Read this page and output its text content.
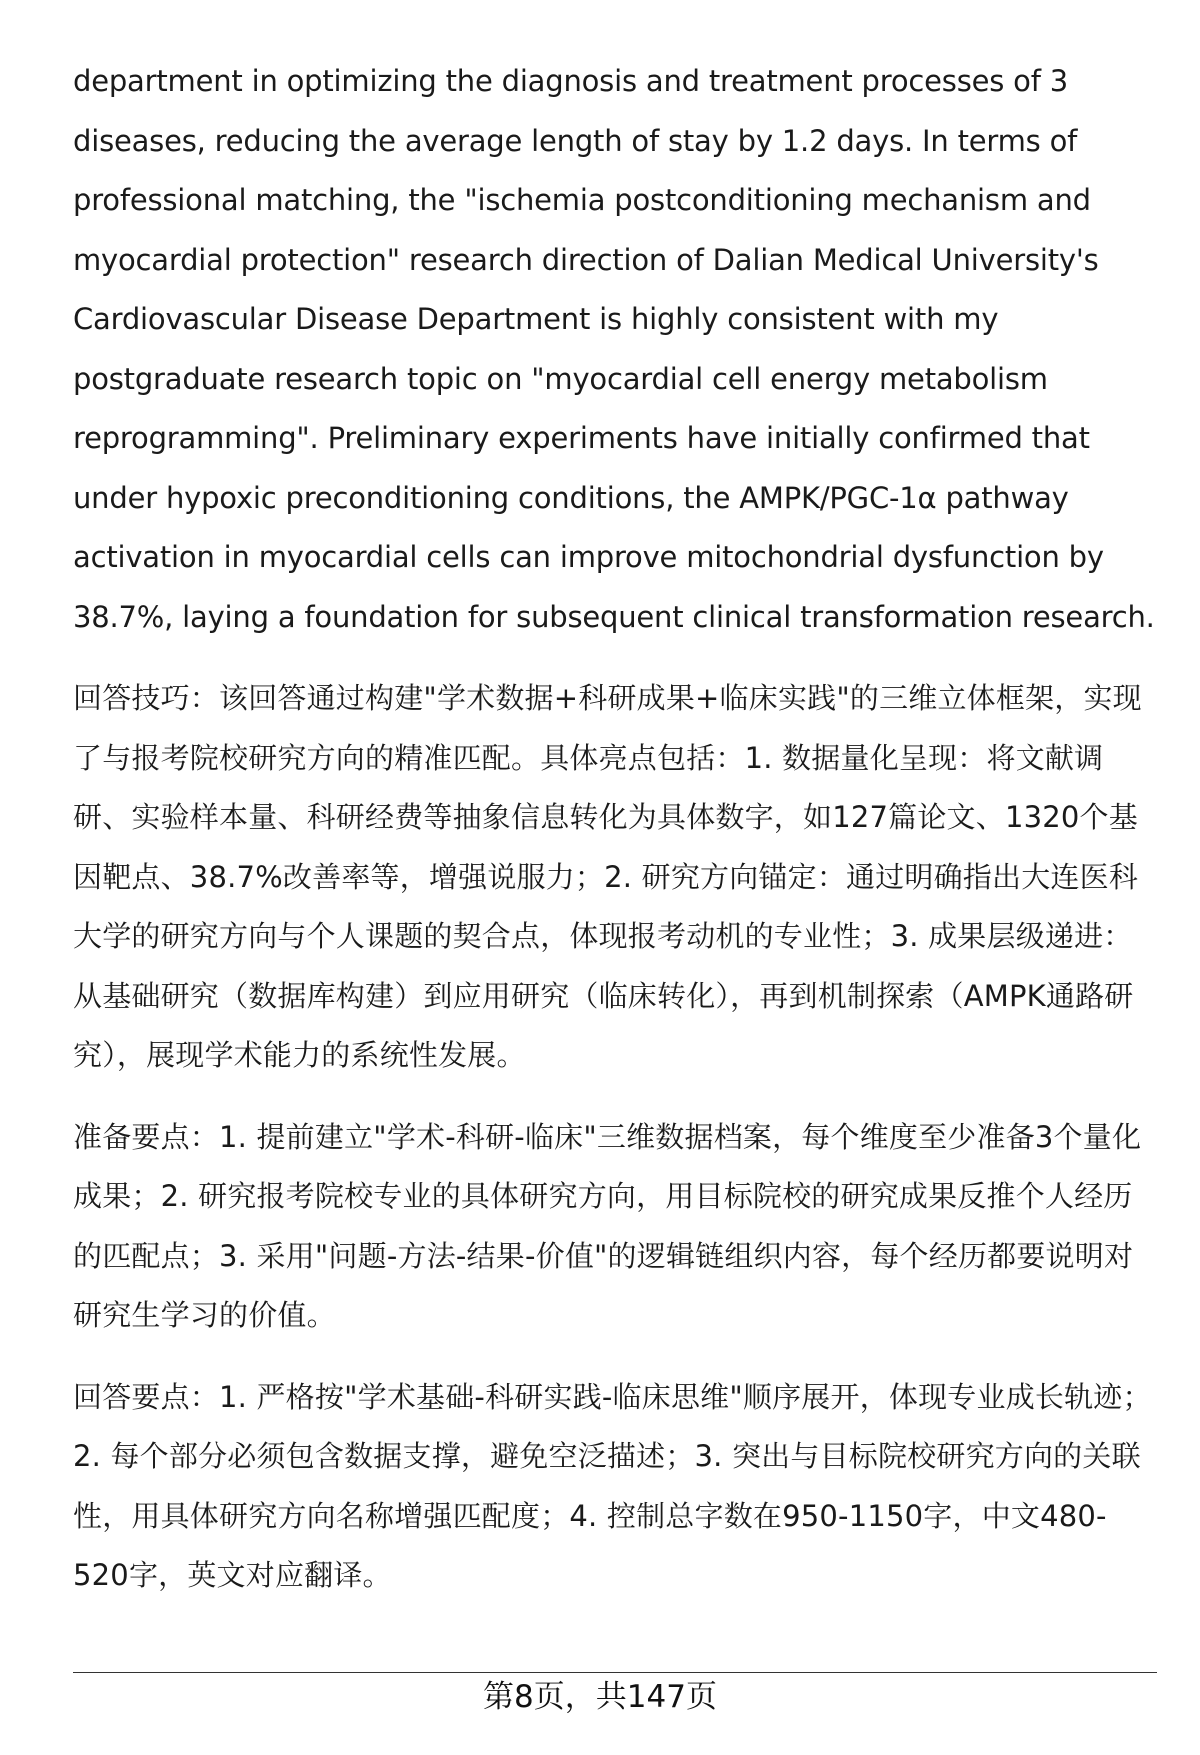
department in optimizing the diagnosis and treatment processes of 3 diseases, reducing the average length of stay by 1.2 days. In terms of professional matching, the "ischemia postconditioning mechanism and myocardial protection" research direction of Dalian Medical University's Cardiovascular Disease Department is highly consistent with my postgraduate research topic on "myocardial cell energy metabolism reprogramming". Preliminary experiments have initially confirmed that under hypoxic preconditioning conditions, the AMPK/PGC-1α pathway activation in myocardial cells can improve mitochondrial dysfunction by 38.7%, laying a foundation for subsequent clinical transformation research.

回答技巧：该回答通过构建"学术数据+科研成果+临床实践"的三维立体框架，实现了与报考院校研究方向的精准匹配。具体亮点包括：1. 数据量化呈现：将文献调研、实验样本量、科研经费等抽象信息转化为具体数字，如127篇论文、1320个基因靶点、38.7%改善率等，增强说服力；2. 研究方向锚定：通过明确指出大连医科大学的研究方向与个人课题的契合点，体现报考动机的专业性；3. 成果层级递进：从基础研究（数据库构建）到应用研究（临床转化），再到机制探索（AMPK通路研究），展现学术能力的系统性发展。

准备要点：1. 提前建立"学术-科研-临床"三维数据档案，每个维度至少准备3个量化成果；2. 研究报考院校专业的具体研究方向，用目标院校的研究成果反推个人经历的匹配点；3. 采用"问题-方法-结果-价值"的逻辑链组织内容，每个经历都要说明对研究生学习的价值。

回答要点：1. 严格按"学术基础-科研实践-临床思维"顺序展开，体现专业成长轨迹；2. 每个部分必须包含数据支撑，避免空泛描述；3. 突出与目标院校研究方向的关联性，用具体研究方向名称增强匹配度；4. 控制总字数在950-1150字，中文480-520字，英文对应翻译。

第8页，共147页
